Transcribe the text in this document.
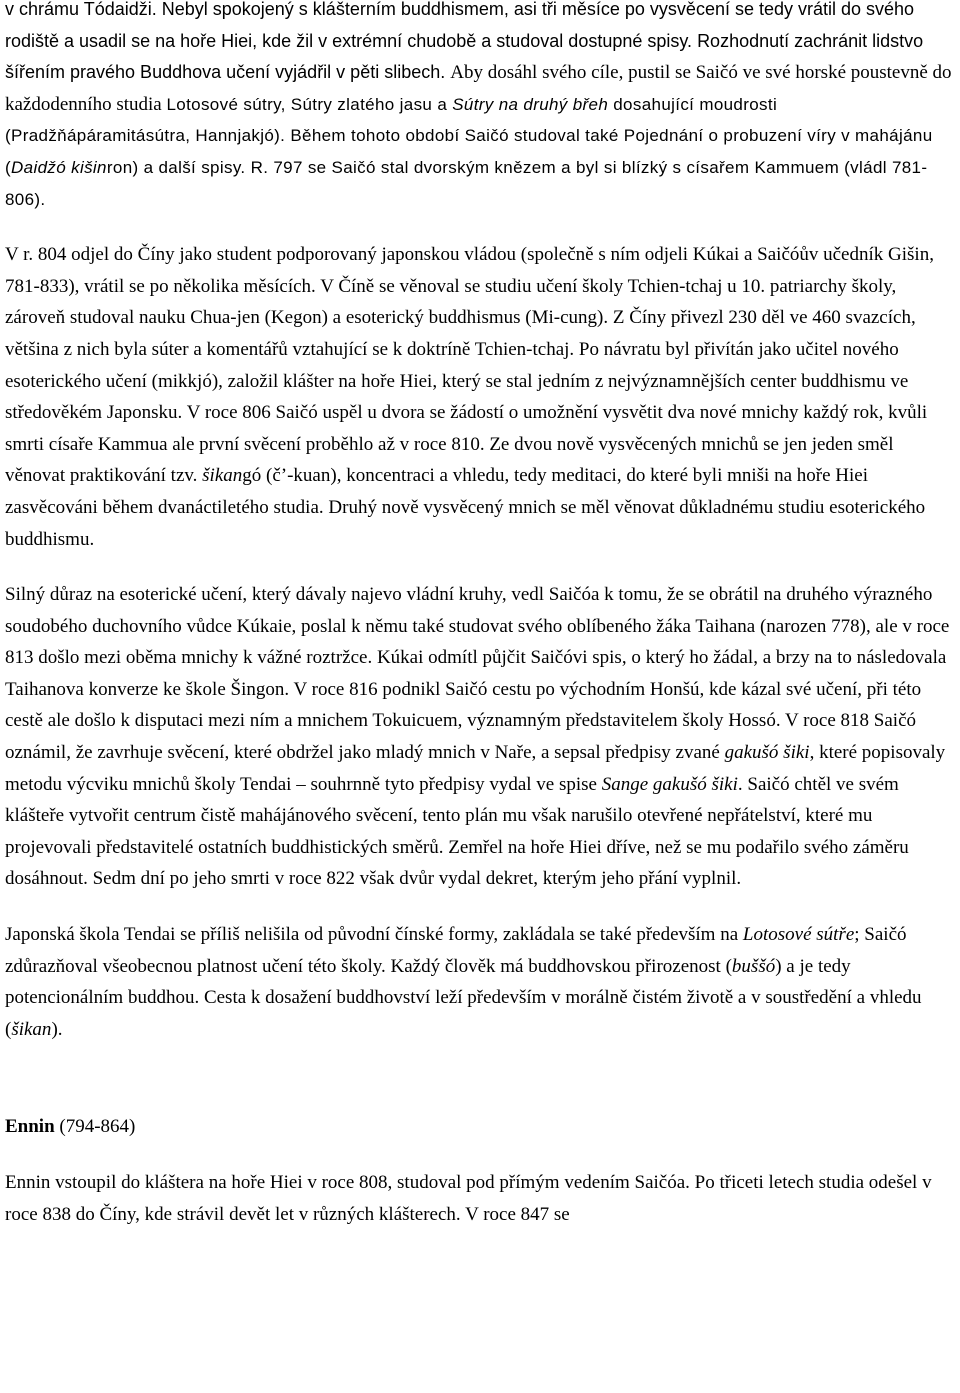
v chrámu Tódaidži. Nebyl spokojený s klášterním buddhismem, asi tři měsíce po vysvěcení se tedy vrátil do svého rodiště a usadil se na hoře Hiei, kde žil v extrémní chudobě a studoval dostupné spisy. Rozhodnutí zachránit lidstvo šířením pravého Buddhova učení vyjádřil v pěti slibech. Aby dosáhl svého cíle, pustil se Saičó ve své horské poustevně do každodenního studia Lotosové sútry, Sútry zlatého jasu a Sútry na druhý břeh dosahující moudrosti (Pradžňápáramitásútra, Hannjakjó). Během tohoto období Saičó studoval také Pojednání o probuzení víry v mahájánu (Daidžó kišinron) a další spisy. R. 797 se Saičó stal dvorským knězem a byl si blízký s císařem Kammuem (vládl 781-806).

V r. 804 odjel do Číny jako student podporovaný japonskou vládou (společně s ním odjeli Kúkai a Saičóův učedník Gišin, 781-833), vrátil se po několika měsících. V Číně se věnoval se studiu učení školy Tchien-tchaj u 10. patriarchy školy, zároveň studoval nauku Chua-jen (Kegon) a esoterický buddhismus (Mi-cung). Z Číny přivezl 230 děl ve 460 svazcích, většina z nich byla súter a komentářů vztahující se k doktríně Tchien-tchaj. Po návratu byl přivítán jako učitel nového esoterického učení (mikkjó), založil klášter na hoře Hiei, který se stal jedním z nejvýznamnějších center buddhismu ve středověkém Japonsku. V roce 806 Saičó uspěl u dvora se žádostí o umožnění vysvětit dva nové mnichy každý rok, kvůli smrti císaře Kammua ale první svěcení proběhlo až v roce 810. Ze dvou nově vysvěcených mnichů se jen jeden směl věnovat praktikování tzv. šikangó (č’-kuan), koncentraci a vhledu, tedy meditaci, do které byli mniši na hoře Hiei zasvěcováni během dvanáctiletého studia. Druhý nově vysvěcený mnich se měl věnovat důkladnému studiu esoterického buddhismu.

Silný důraz na esoterické učení, který dávaly najevo vládní kruhy, vedl Saičóa k tomu, že se obrátil na druhého výrazného soudobého duchovního vůdce Kúkaie, poslal k němu také studovat svého oblíbeného žáka Taihana (narozen 778), ale v roce 813 došlo mezi oběma mnichy k vážné roztržce. Kúkai odmítl půjčit Saičóvi spis, o který ho žádal, a brzy na to následovala Taihanova konverze ke škole Šingon. V roce 816 podnikl Saičó cestu po východním Honšú, kde kázal své učení, při této cestě ale došlo k disputaci mezi ním a mnichem Tokuicuem, významným představitelem školy Hossó. V roce 818 Saičó oznámil, že zavrhuje svěcení, které obdržel jako mladý mnich v Naře, a sepsal předpisy zvané gakušó šiki, které popisovaly metodu výcviku mnichů školy Tendai – souhrnně tyto předpisy vydal ve spise Sange gakušó šiki. Saičó chtěl ve svém klášteře vytvořit centrum čistě mahájánového svěcení, tento plán mu však narušilo otevřené nepřátelství, které mu projevovali představitelé ostatních buddhistických směrů. Zemřel na hoře Hiei dříve, než se mu podařilo svého záměru dosáhnout. Sedm dní po jeho smrti v roce 822 však dvůr vydal dekret, kterým jeho přání vyplnil.

Japonská škola Tendai se příliš nelišila od původní čínské formy, zakládala se také především na Lotosové sútře; Saičó zdůrazňoval všeobecnou platnost učení této školy. Každý člověk má buddhovskou přirozenost (buššó) a je tedy potencionálním buddhou. Cesta k dosažení buddhovství leží především v morálně čistém životě a v soustředění a vhledu (šikan).

Ennin (794-864)

Ennin vstoupil do kláštera na hoře Hiei v roce 808, studoval pod přímým vedením Saičóa. Po třiceti letech studia odešel v roce 838 do Číny, kde strávil devět let v různých klášterech. V roce 847 se
